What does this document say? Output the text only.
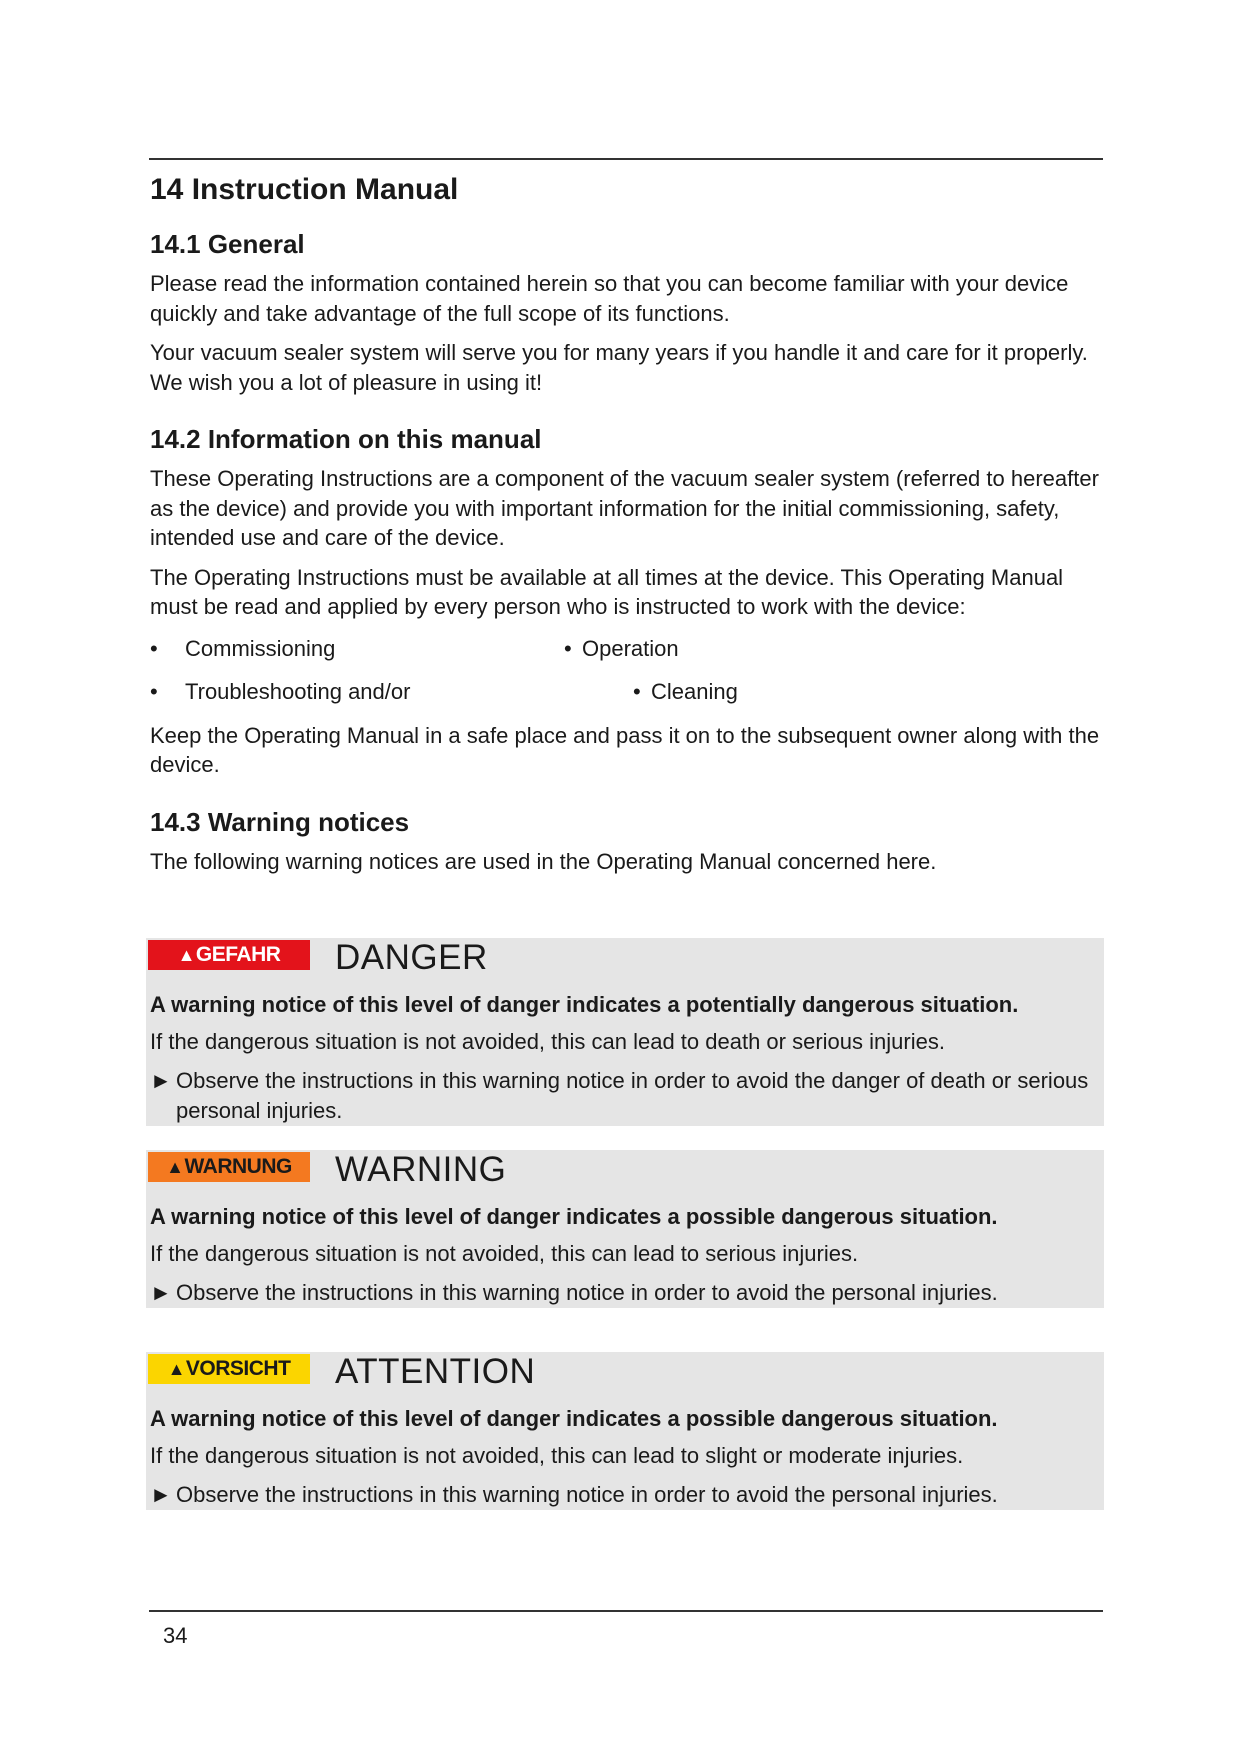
14 Instruction Manual
14.1 General

Please read the information contained herein so that you can become familiar with your device quickly and take advantage of the full scope of its functions.

Your vacuum sealer system will serve you for many years if you handle it and care for it properly. We wish you a lot of pleasure in using it!

14.2 Information on this manual

These Operating Instructions are a component of the vacuum sealer system (referred to hereafter as the device) and provide you with important information for the initial commissioning, safety, intended use and care of the device.

The Operating Instructions must be available at all times at the device. This Operating Manual must be read and applied by every person who is instructed to work with the device:

• Commissioning	• Operation
• Troubleshooting and/or	• Cleaning

Keep the Operating Manual in a safe place and pass it on to the subsequent owner along with the device.

14.3 Warning notices

The following warning notices are used in the Operating Manual concerned here.

▲GEFAHR	DANGER
A warning notice of this level of danger indicates a potentially dangerous situation.
If the dangerous situation is not avoided, this can lead to death or serious injuries.
► Observe the instructions in this warning notice in order to avoid the danger of death or serious personal injuries.
▲WARNUNG	WARNING
A warning notice of this level of danger indicates a possible dangerous situation.
If the dangerous situation is not avoided, this can lead to serious injuries.
► Observe the instructions in this warning notice in order to avoid the personal injuries.
▲VORSICHT	ATTENTION
A warning notice of this level of danger indicates a possible dangerous situation.
If the dangerous situation is not avoided, this can lead to slight or moderate injuries.
► Observe the instructions in this warning notice in order to avoid the personal injuries.
34
